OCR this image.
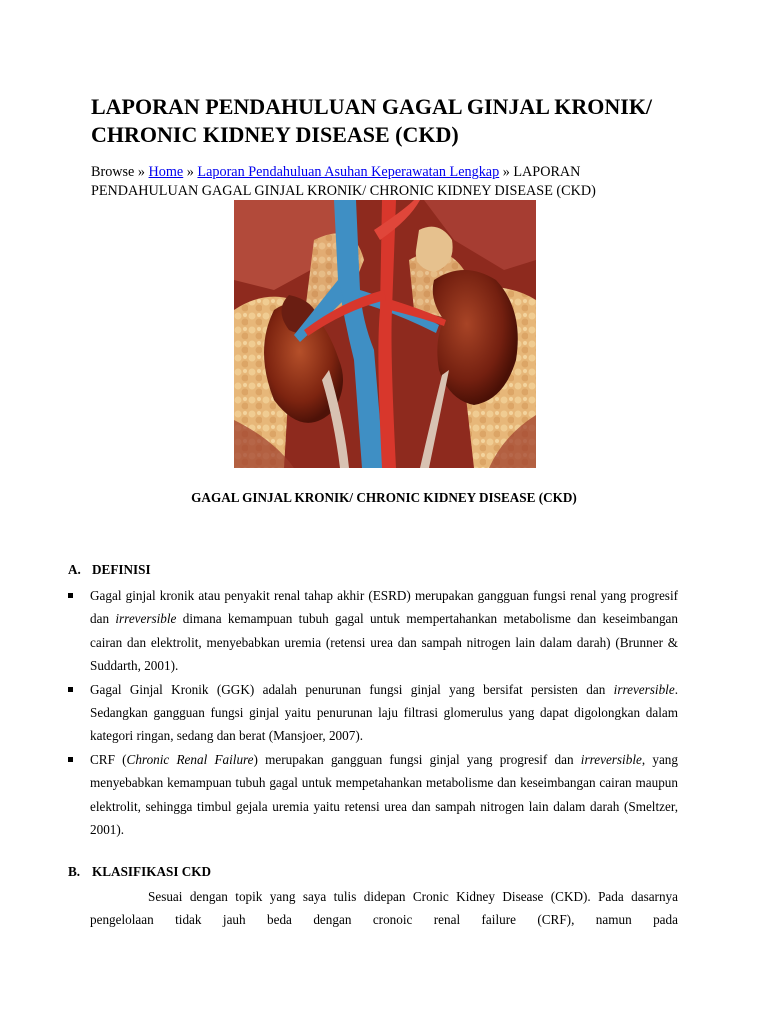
LAPORAN PENDAHULUAN GAGAL GINJAL KRONIK/
CHRONIC KIDNEY DISEASE (CKD)
Browse » Home » Laporan Pendahuluan Asuhan Keperawatan Lengkap » LAPORAN PENDAHULUAN GAGAL GINJAL KRONIK/ CHRONIC KIDNEY DISEASE (CKD)
GAGAL GINJAL KRONIK/ CHRONIC KIDNEY DISEASE (CKD)
A. DEFINISI
Gagal ginjal kronik atau penyakit renal tahap akhir (ESRD) merupakan gangguan fungsi renal yang progresif dan irreversible dimana kemampuan tubuh gagal untuk mempertahankan metabolisme dan keseimbangan cairan dan elektrolit, menyebabkan uremia (retensi urea dan sampah nitrogen lain dalam darah) (Brunner & Suddarth, 2001).
Gagal Ginjal Kronik (GGK) adalah penurunan fungsi ginjal yang bersifat persisten dan irreversible. Sedangkan gangguan fungsi ginjal yaitu penurunan laju filtrasi glomerulus yang dapat digolongkan dalam kategori ringan, sedang dan berat (Mansjoer, 2007).
CRF (Chronic Renal Failure) merupakan gangguan fungsi ginjal yang progresif dan irreversible, yang menyebabkan kemampuan tubuh gagal untuk mempetahankan metabolisme dan keseimbangan cairan maupun elektrolit, sehingga timbul gejala uremia yaitu retensi urea dan sampah nitrogen lain dalam darah (Smeltzer, 2001).
B. KLASIFIKASI CKD

Sesuai dengan topik yang saya tulis didepan Cronic Kidney Disease (CKD). Pada dasarnya pengelolaan tidak jauh beda dengan cronoic renal failure (CRF), namun pada
